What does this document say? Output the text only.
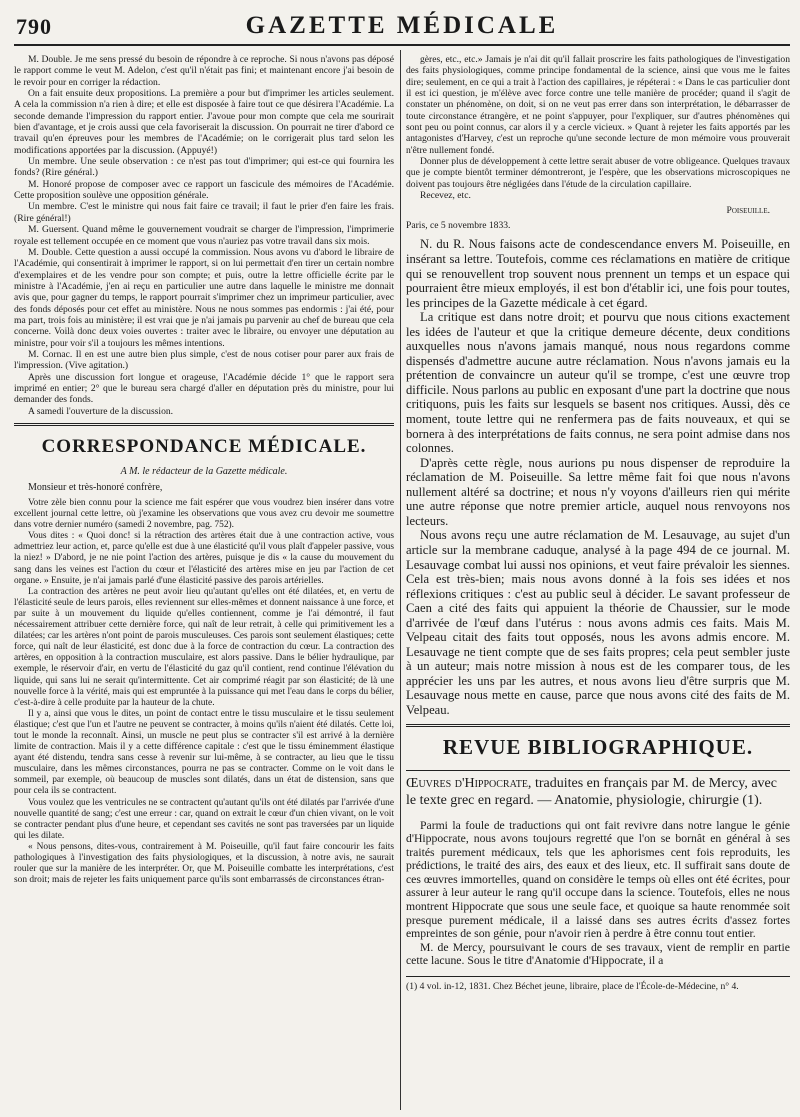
790	GAZETTE MÉDICALE

M. Double. Je me sens pressé du besoin de répondre à ce reproche. Si nous n'avons pas déposé le rapport comme le veut M. Adelon, c'est qu'il n'était pas fini; et maintenant encore j'ai besoin de le revoir pour en corriger la rédaction.

On a fait ensuite deux propositions. La première a pour but d'imprimer les articles seulement. A cela la commission n'a rien à dire; et elle est disposée à faire tout ce que désirera l'Académie. La seconde demande l'impression du rapport entier. J'avoue pour mon compte que cela me sourirait bien d'avantage, et je crois aussi que cela favoriserait la discussion. On pourrait ne tirer d'abord ce travail qu'en épreuves pour les membres de l'Académie; on le corrigerait plus tard selon les modifications apportées par la discussion. (Appuyé!)

Un membre. Une seule observation : ce n'est pas tout d'imprimer; qui est-ce qui fournira les fonds? (Rire général.)

M. Honoré propose de composer avec ce rapport un fascicule des mémoires de l'Académie. Cette proposition soulève une opposition générale.

Un membre. C'est le ministre qui nous fait faire ce travail; il faut le prier d'en faire les frais. (Rire général!)

M. Guersent. Quand même le gouvernement voudrait se charger de l'impression, l'imprimerie royale est tellement occupée en ce moment que vous n'auriez pas votre travail dans six mois.

M. Double. Cette question a aussi occupé la commission. Nous avons vu d'abord le libraire de l'Académie, qui consentirait à imprimer le rapport, si on lui permettait d'en tirer un certain nombre d'exemplaires et de les vendre pour son compte; et puis, outre la lettre officielle écrite par le ministre à l'Académie, j'en ai reçu en particulier une autre dans laquelle le ministre me donnait avis que, pour gagner du temps, le rapport pourrait s'imprimer chez un imprimeur particulier, avec des fonds déposés pour cet effet au ministère. Nous ne nous sommes pas endormis : j'ai été, pour ma part, trois fois au ministère; il est vrai que je n'ai jamais pu parvenir au chef de bureau que cela concerne. Voilà donc deux voies ouvertes : traiter avec le libraire, ou envoyer une députation au ministre, pour voir s'il a toujours les mêmes intentions.

M. Cornac. Il en est une autre bien plus simple, c'est de nous cotiser pour parer aux frais de l'impression. (Vive agitation.)

Après une discussion fort longue et orageuse, l'Académie décide 1° que le rapport sera imprimé en entier; 2° que le bureau sera chargé d'aller en députation près du ministre, pour lui demander des fonds.

A samedi l'ouverture de la discussion.

CORRESPONDANCE MÉDICALE.
A M. le rédacteur de la Gazette médicale.
Monsieur et très-honoré confrère,

Votre zèle bien connu pour la science me fait espérer que vous voudrez bien insérer dans votre excellent journal cette lettre, où j'examine les observations que vous avez cru devoir me soumettre dans votre dernier numéro (samedi 2 novembre, pag. 752).

Vous dites : « Quoi donc! si la rétraction des artères était due à une contraction active, vous admettriez leur action, et, parce qu'elle est due à une élasticité qu'il vous plaît d'appeler passive, vous la niez! » D'abord, je ne nie point l'action des artères, puisque je dis « la cause du mouvement du sang dans les veines est l'action du cœur et l'élasticité des artères mise en jeu par l'action de cet organe. » Ensuite, je n'ai jamais parlé d'une élasticité passive des parois artérielles.

La contraction des artères ne peut avoir lieu qu'autant qu'elles ont été dilatées, et, en vertu de l'élasticité seule de leurs parois, elles reviennent sur elles-mêmes et donnent naissance à une force, et par suite à un mouvement du liquide qu'elles contiennent, comme je l'ai démontré, il faut nécessairement attribuer cette dernière force, qui naît de leur retrait, à celle qui primitivement les a dilatées; car les artères n'ont point de parois musculeuses. Ces parois sont seulement élastiques; cette force, qui naît de leur élasticité, est donc due à la force de contraction du cœur. La contraction des artères, en opposition à la contraction musculaire, est alors passive. Dans le bélier hydraulique, par exemple, le réservoir d'air, en vertu de l'élasticité du gaz qu'il contient, rend continue l'élévation du liquide, qui sans lui ne serait qu'intermittente. Cet air comprimé réagit par son élasticité; de là une nouvelle force à la vérité, mais qui est empruntée à la puissance qui met l'eau dans le corps du bélier, c'est-à-dire à celle produite par la hauteur de la chute.

Il y a, ainsi que vous le dites, un point de contact entre le tissu musculaire et le tissu seulement élastique; c'est que l'un et l'autre ne peuvent se contracter, à moins qu'ils n'aient été dilatés. Cette loi, tout le monde la reconnaît. Ainsi, un muscle ne peut plus se contracter s'il est arrivé à la dernière limite de contraction. Mais il y a cette différence capitale : c'est que le tissu éminemment élastique ayant été distendu, tendra sans cesse à revenir sur lui-même, à se contracter, au lieu que le tissu musculaire, dans les mêmes circonstances, pourra ne pas se contracter. Comme on le voit dans le sommeil, par exemple, où beaucoup de muscles sont dilatés, dans un état de distension, sans que pour cela ils se contractent.

Vous voulez que les ventricules ne se contractent qu'autant qu'ils ont été dilatés par l'arrivée d'une nouvelle quantité de sang; c'est une erreur : car, quand on extrait le cœur d'un chien vivant, on le voit se contracter pendant plus d'une heure, et cependant ses cavités ne sont pas traversées par un liquide qui les dilate.

« Nous pensons, dites-vous, contrairement à M. Poiseuille, qu'il faut faire concourir les faits pathologiques à l'investigation des faits physiologiques, et la discussion, à notre avis, ne saurait rouler que sur la manière de les interpréter. Or, que M. Poiseuille combatte les interprétations, c'est son droit; mais de rejeter les faits uniquement parce qu'ils sont embarrassés de circonstances étran-

gères, etc., etc.» Jamais je n'ai dit qu'il fallait proscrire les faits pathologiques de l'investigation des faits physiologiques, comme principe fondamental de la science, ainsi que vous me le faites dire; seulement, en ce qui a trait à l'action des capillaires, je répéterai : « Dans le cas particulier dont il est ici question, je m'élève avec force contre une telle manière de procéder; quand il s'agit de constater un phénomène, on doit, si on ne veut pas errer dans son interprétation, le débarrasser de toute circonstance étrangère, et ne point s'appuyer, pour l'expliquer, sur d'autres phénomènes qui sont peu ou point connus, car alors il y a cercle vicieux. » Quant à rejeter les faits apportés par les antagonistes d'Harvey, c'est un reproche qu'une seconde lecture de mon mémoire vous prouverait n'être nullement fondé.

Donner plus de développement à cette lettre serait abuser de votre obligeance. Quelques travaux que je compte bientôt terminer démontreront, je l'espère, que les observations microscopiques ne doivent pas toujours être négligées dans l'étude de la circulation capillaire.

Recevez, etc.

Poiseuille.
Paris, ce 5 novembre 1833.

N. du R. Nous faisons acte de condescendance envers M. Poiseuille, en insérant sa lettre. Toutefois, comme ces réclamations en matière de critique qui se renouvellent trop souvent nous prennent un temps et un espace qui pourraient être mieux employés, il est bon d'établir ici, une fois pour toutes, les principes de la Gazette médicale à cet égard.

La critique est dans notre droit; et pourvu que nous citions exactement les idées de l'auteur et que la critique demeure décente, deux conditions auxquelles nous n'avons jamais manqué, nous nous regardons comme dispensés d'admettre aucune autre réclamation. Nous n'avons jamais eu la prétention de convaincre un auteur qu'il se trompe, c'est une œuvre trop difficile. Nous parlons au public en exposant d'une part la doctrine que nous critiquons, puis les faits sur lesquels se basent nos critiques. Aussi, dès ce moment, toute lettre qui ne renfermera pas de faits nouveaux, et qui se bornera à des interprétations de faits connus, ne sera point admise dans nos colonnes.

D'après cette règle, nous aurions pu nous dispenser de reproduire la réclamation de M. Poiseuille. Sa lettre même fait foi que nous n'avons nullement altéré sa doctrine; et nous n'y voyons d'ailleurs rien qui mérite une autre réponse que notre premier article, auquel nous renvoyons nos lecteurs.

Nous avons reçu une autre réclamation de M. Lesauvage, au sujet d'un article sur la membrane caduque, analysé à la page 494 de ce journal. M. Lesauvage combat lui aussi nos opinions, et veut faire prévaloir les siennes. Cela est très-bien; mais nous avons donné à la fois ses idées et nos réflexions critiques : c'est au public seul à décider. Le savant professeur de Caen a cité des faits qui appuient la théorie de Chaussier, sur le mode d'arrivée de l'œuf dans l'utérus : nous avons admis ces faits. Mais M. Velpeau citait des faits tout opposés, nous les avons admis encore. M. Lesauvage ne tient compte que de ses faits propres; cela peut sembler juste à un auteur; mais notre mission à nous est de les comparer tous, de les apprécier les uns par les autres, et nous avons lieu d'être surpris que M. Lesauvage nous mette en cause, parce que nous avons cité des faits de M. Velpeau.

REVUE BIBLIOGRAPHIQUE.
Œuvres d'Hippocrate, traduites en français par M. de Mercy, avec le texte grec en regard. — Anatomie, physiologie, chirurgie (1).

Parmi la foule de traductions qui ont fait revivre dans notre langue le génie d'Hippocrate, nous avons toujours regretté que l'on se bornât en général à ses traités purement médicaux, tels que les aphorismes cent fois reproduits, les prédictions, le traité des airs, des eaux et des lieux, etc. Il suffirait sans doute de ces œuvres immortelles, quand on considère le temps où elles ont été écrites, pour assurer à leur auteur le rang qu'il occupe dans la science. Toutefois, elles ne nous montrent Hippocrate que sous une seule face, et quoique sa haute renommée soit presque purement médicale, il a laissé dans ses autres écrits d'assez fortes empreintes de son génie, pour n'avoir rien à perdre à être connu tout entier.

M. de Mercy, poursuivant le cours de ses travaux, vient de remplir en partie cette lacune. Sous le titre d'Anatomie d'Hippocrate, il a

(1) 4 vol. in-12, 1831. Chez Béchet jeune, libraire, place de l'École-de-Médecine, n° 4.
